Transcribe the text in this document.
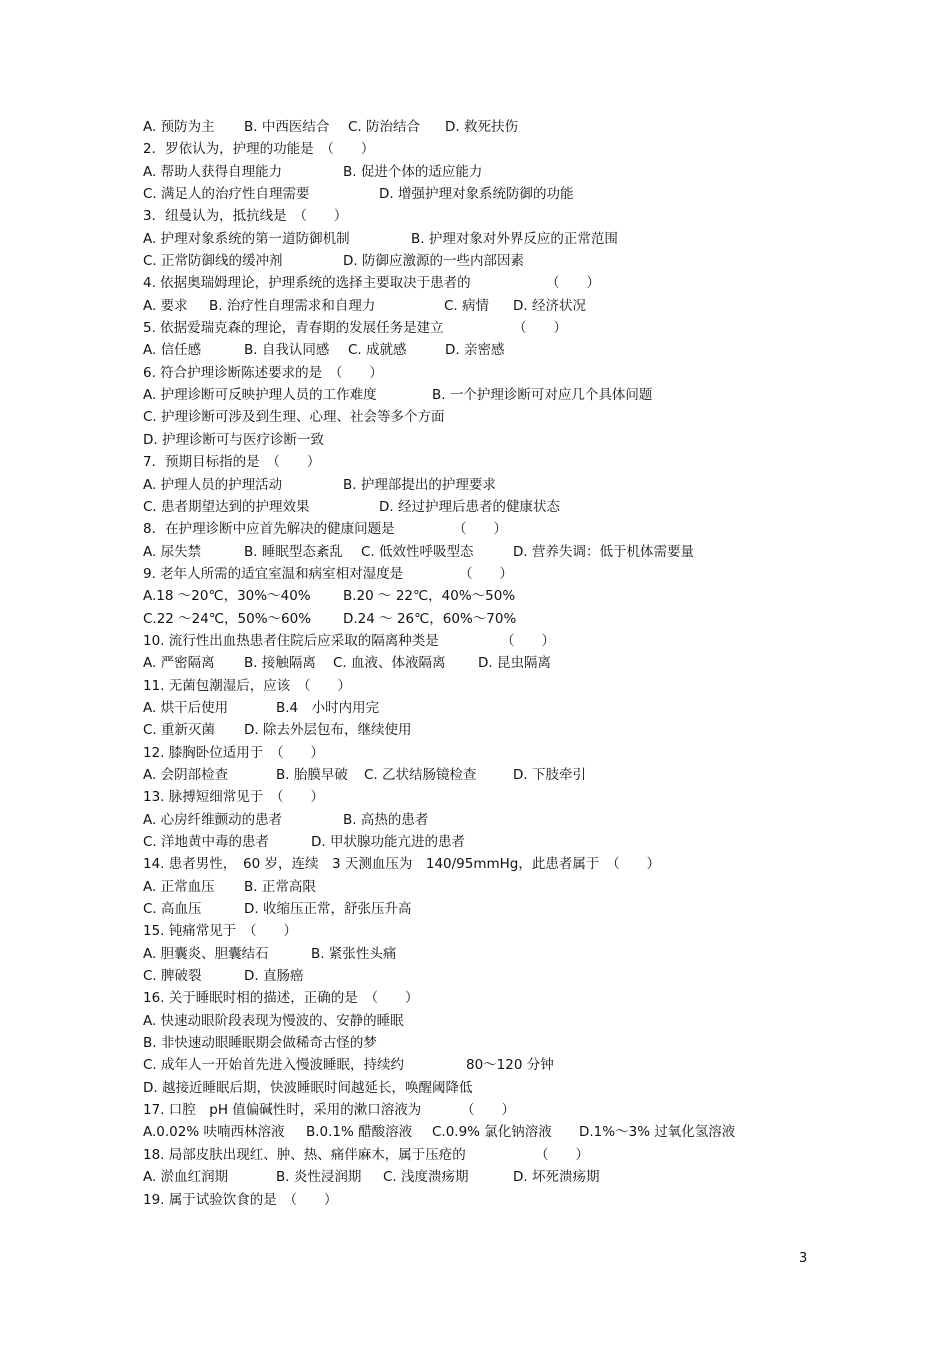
A. 预防为主 B. 中西医结合 C. 防治结合 D. 救死扶伤
2．罗依认为，护理的功能是　（　　）
A. 帮助人获得自理能力	B. 促进个体的适应能力
C. 满足人的治疗性自理需要	D. 增强护理对象系统防御的功能
3．纽曼认为，抵抗线是　（　　）
A. 护理对象系统的第一道防御机制	B. 护理对象对外界反应的正常范围
C. 正常防御线的缓冲剂	D. 防御应激源的一些内部因素
4. 依据奥瑞姆理论，护理系统的选择主要取决于患者的	（　　）
A. 要求 B. 治疗性自理需求和自理力	C. 病情 D. 经济状况
5. 依据爱瑞克森的理论，青春期的发展任务是建立	（　　）
A. 信任感	B. 自我认同感 C. 成就感	D. 亲密感
6. 符合护理诊断陈述要求的是　（　　）
A. 护理诊断可反映护理人员的工作难度	B. 一个护理诊断可对应几个具体问题
C. 护理诊断可涉及到生理、心理、社会等多个方面
D. 护理诊断可与医疗诊断一致
7．预期目标指的是　（　　）
A. 护理人员的护理活动	B. 护理部提出的护理要求
C. 患者期望达到的护理效果	D. 经过护理后患者的健康状态
8．在护理诊断中应首先解决的健康问题是	（　　）
A. 尿失禁	B. 睡眠型态紊乱 C. 低效性呼吸型态	D. 营养失调：低于机体需要量
9. 老年人所需的适宜室温和病室相对湿度是	（　　）
A.18 ～20℃，30%～40% B.20 ～ 22℃，40%～50%
C.22 ～24℃，50%～60% D.24 ～ 26℃，60%～70%
10. 流行性出血热患者住院后应采取的隔离种类是	（　　）
A. 严密隔离 B. 接触隔离 C. 血液、体液隔离 D. 昆虫隔离
11. 无菌包潮湿后，应该　（　　）
A. 烘干后使用	B.4　小时内用完
C. 重新灭菌 D. 除去外层包布，继续使用
12. 膝胸卧位适用于　（　　）
A. 会阴部检查	B. 胎膜早破 C. 乙状结肠镜检查	D. 下肢牵引
13. 脉搏短细常见于　（　　）
A. 心房纤维颤动的患者	B. 高热的患者
C. 洋地黄中毒的患者	D. 甲状腺功能亢进的患者
14. 患者男性，　60 岁，连续　3 天测血压为　140/95mmHg，此患者属于　（　　）
A. 正常血压 B. 正常高限
C. 高血压	D. 收缩压正常，舒张压升高
15. 钝痛常见于　（　　）
A. 胆囊炎、胆囊结石	B. 紧张性头痛
C. 脾破裂	D. 直肠癌
16. 关于睡眠时相的描述，正确的是　（　　）
A. 快速动眼阶段表现为慢波的、安静的睡眠
B. 非快速动眼睡眠期会做稀奇古怪的梦
C. 成年人一开始首先进入慢波睡眠，持续约	80～120 分钟
D. 越接近睡眠后期，快波睡眠时间越延长，唤醒阈降低
17. 口腔　pH 值偏碱性时，采用的漱口溶液为	（　　）
A.0.02% 呋喃西林溶液 B.0.1% 醋酸溶液 C.0.9% 氯化钠溶液 D.1%～3% 过氧化氢溶液
18. 局部皮肤出现红、肿、热、痛伴麻木，属于压疮的	（　　）
A. 淤血红润期	B. 炎性浸润期 C. 浅度溃疡期	D. 坏死溃疡期
19. 属于试验饮食的是　（　　）
3
